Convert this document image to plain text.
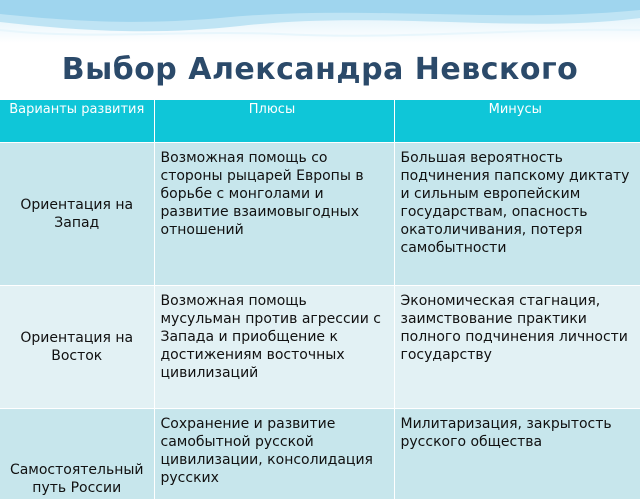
Выбор Александра Невского
Варианты развития	Плюсы	Минусы
Ориентация на Запад	Возможная помощь со стороны рыцарей Европы в борьбе с монголами и развитие взаимовыгодных отношений	Большая вероятность подчинения папскому диктату и сильным европейским государствам, опасность окатоличивания, потеря самобытности
Ориентация на Восток	Возможная помощь мусульман против агрессии с Запада и приобщение к достижениям восточных цивилизаций	Экономическая стагнация, заимствование практики полного подчинения личности государству
Самостоятельный путь России	Сохранение и развитие самобытной русской цивилизации, консолидация русских	Милитаризация, закрытость русского общества
